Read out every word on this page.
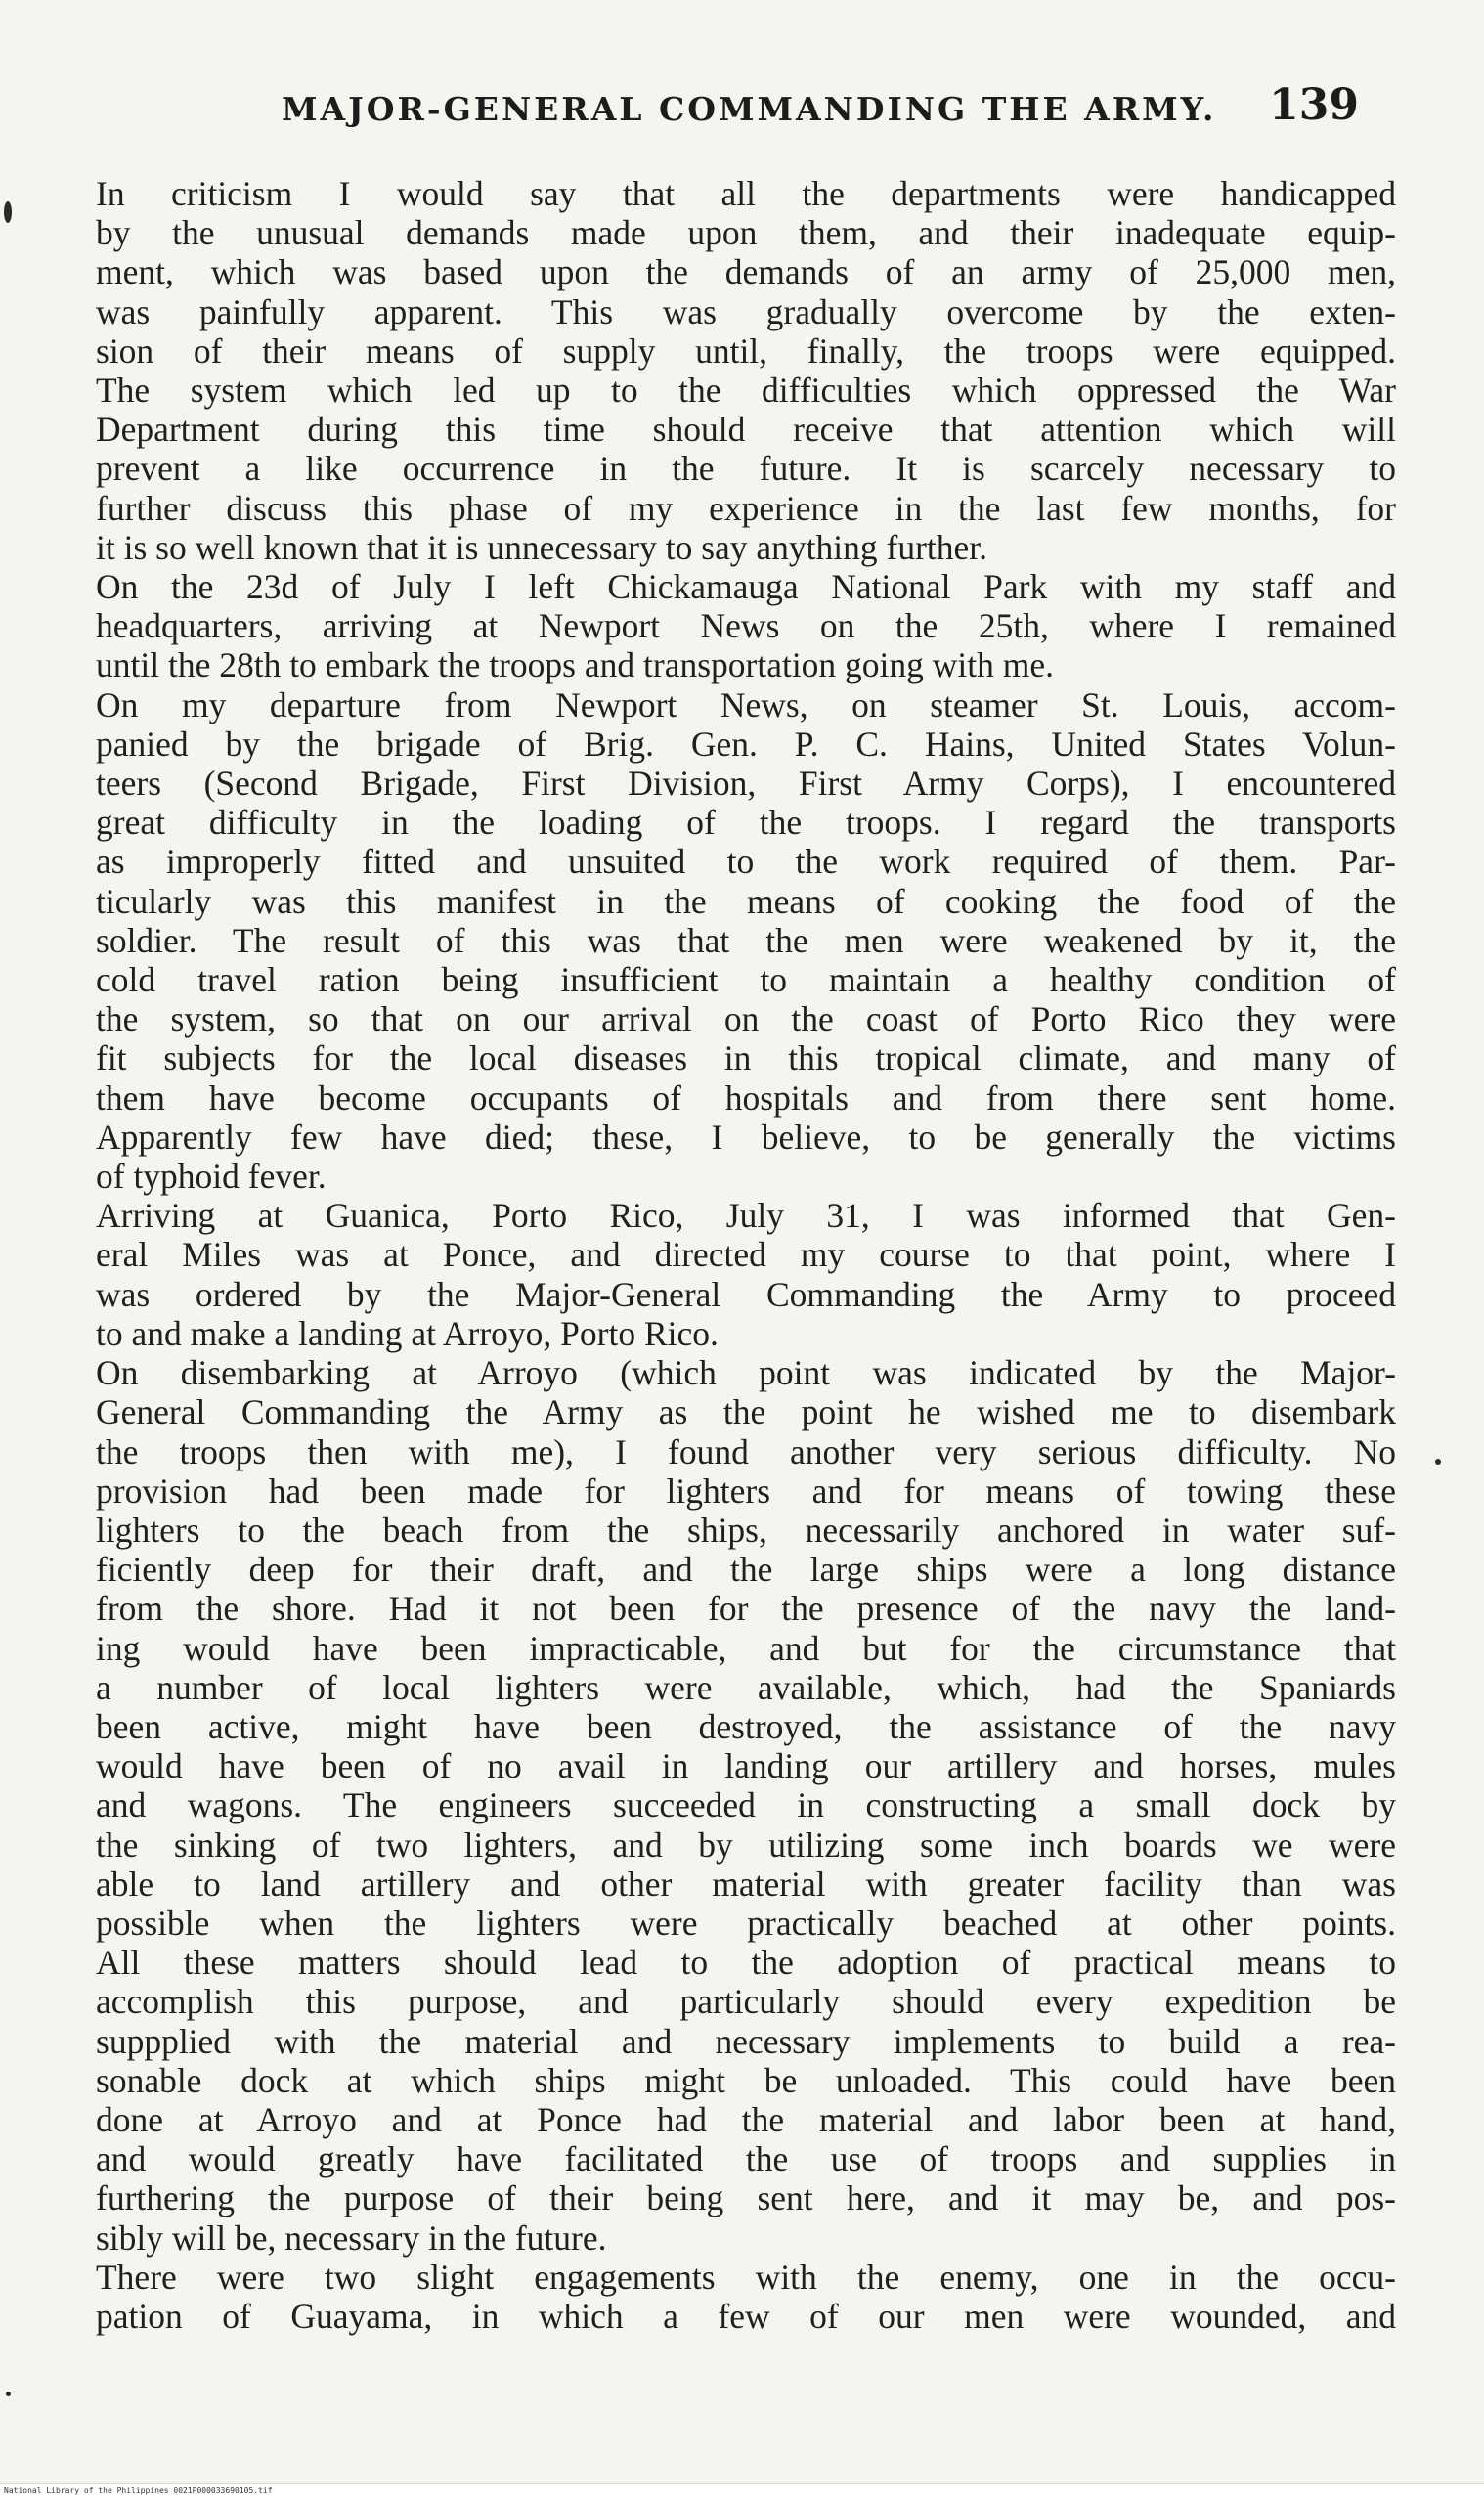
MAJOR-GENERAL COMMANDING THE ARMY. 139

In criticism I would say that all the departments were handicapped
by the unusual demands made upon them, and their inadequate equip-
ment, which was based upon the demands of an army of 25,000 men,
was painfully apparent. This was gradually overcome by the exten-
sion of their means of supply until, finally, the troops were equipped.
The system which led up to the difficulties which oppressed the War
Department during this time should receive that attention which will
prevent a like occurrence in the future. It is scarcely necessary to
further discuss this phase of my experience in the last few months, for
it is so well known that it is unnecessary to say anything further.

On the 23d of July I left Chickamauga National Park with my staff and
headquarters, arriving at Newport News on the 25th, where I remained
until the 28th to embark the troops and transportation going with me.

On my departure from Newport News, on steamer St. Louis, accom-
panied by the brigade of Brig. Gen. P. C. Hains, United States Volun-
teers (Second Brigade, First Division, First Army Corps), I encountered
great difficulty in the loading of the troops. I regard the transports
as improperly fitted and unsuited to the work required of them. Par-
ticularly was this manifest in the means of cooking the food of the
soldier. The result of this was that the men were weakened by it, the
cold travel ration being insufficient to maintain a healthy condition of
the system, so that on our arrival on the coast of Porto Rico they were
fit subjects for the local diseases in this tropical climate, and many of
them have become occupants of hospitals and from there sent home.
Apparently few have died; these, I believe, to be generally the victims
of typhoid fever.

Arriving at Guanica, Porto Rico, July 31, I was informed that Gen-
eral Miles was at Ponce, and directed my course to that point, where I
was ordered by the Major-General Commanding the Army to proceed
to and make a landing at Arroyo, Porto Rico.

On disembarking at Arroyo (which point was indicated by the Major-
General Commanding the Army as the point he wished me to disembark
the troops then with me), I found another very serious difficulty. No
provision had been made for lighters and for means of towing these
lighters to the beach from the ships, necessarily anchored in water suf-
ficiently deep for their draft, and the large ships were a long distance
from the shore. Had it not been for the presence of the navy the land-
ing would have been impracticable, and but for the circumstance that
a number of local lighters were available, which, had the Spaniards
been active, might have been destroyed, the assistance of the navy
would have been of no avail in landing our artillery and horses, mules
and wagons. The engineers succeeded in constructing a small dock by
the sinking of two lighters, and by utilizing some inch boards we were
able to land artillery and other material with greater facility than was
possible when the lighters were practically beached at other points.
All these matters should lead to the adoption of practical means to
accomplish this purpose, and particularly should every expedition be
suppplied with the material and necessary implements to build a rea-
sonable dock at which ships might be unloaded. This could have been
done at Arroyo and at Ponce had the material and labor been at hand,
and would greatly have facilitated the use of troops and supplies in
furthering the purpose of their being sent here, and it may be, and pos-
sibly will be, necessary in the future.

There were two slight engagements with the enemy, one in the occu-
pation of Guayama, in which a few of our men were wounded, and

National Library of the Philippines 0021P000033690105.tif
